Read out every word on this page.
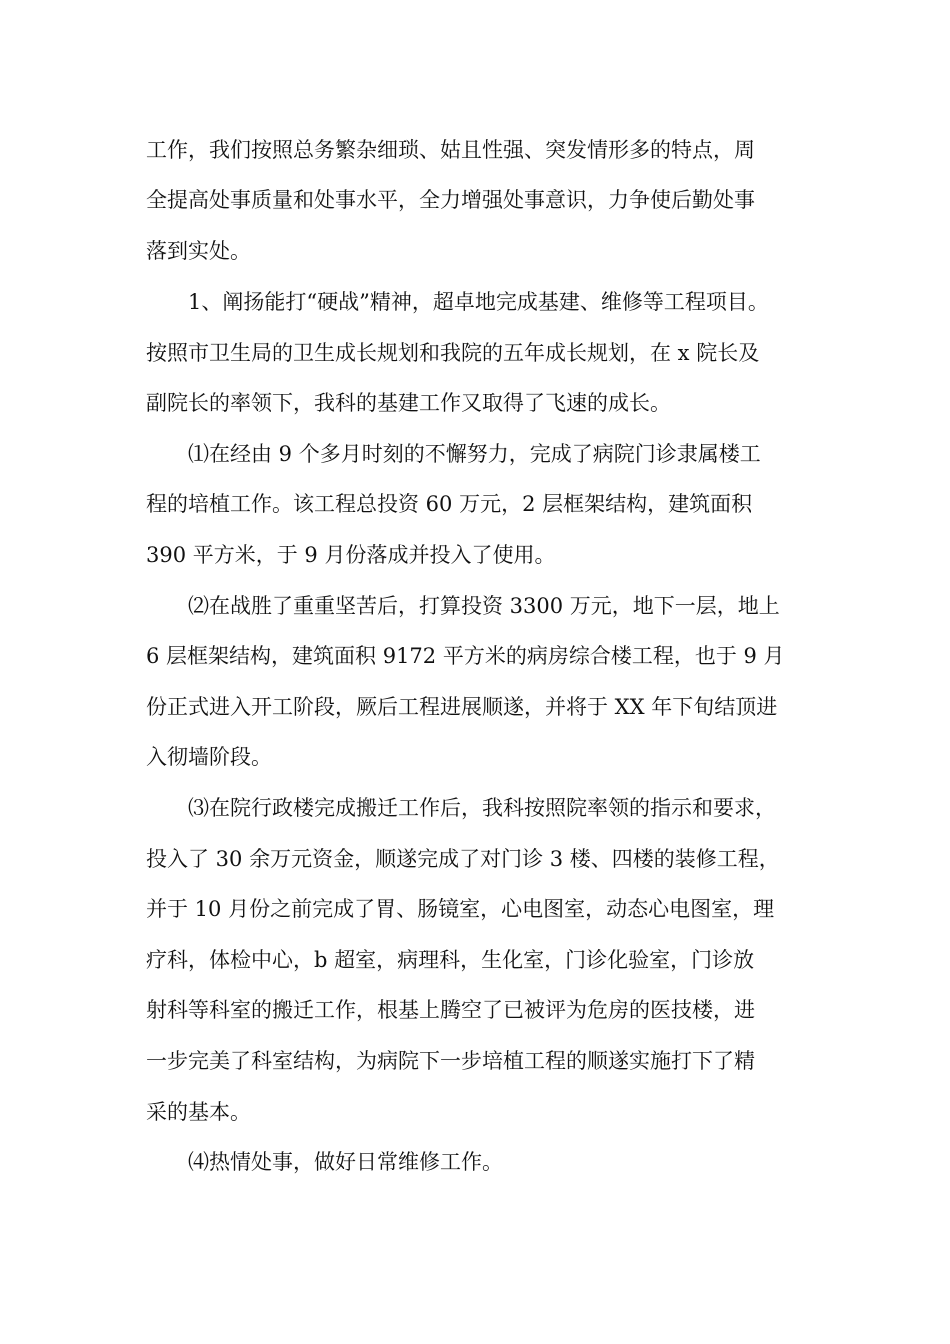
工作，我们按照总务繁杂细琐、姑且性强、突发情形多的特点，周
全提高处事质量和处事水平，全力增强处事意识，力争使后勤处事
落到实处。
1、阐扬能打“硬战”精神，超卓地完成基建、维修等工程项目。
按照市卫生局的卫生成长规划和我院的五年成长规划，在 x 院长及
副院长的率领下，我科的基建工作又取得了飞速的成长。
⑴在经由 9 个多月时刻的不懈努力，完成了病院门诊隶属楼工
程的培植工作。该工程总投资 60 万元，2 层框架结构，建筑面积
390 平方米，于 9 月份落成并投入了使用。
⑵在战胜了重重坚苦后，打算投资 3300 万元，地下一层，地上
6 层框架结构，建筑面积 9172 平方米的病房综合楼工程，也于 9 月
份正式进入开工阶段，厥后工程进展顺遂，并将于 XX 年下旬结顶进
入彻墙阶段。
⑶在院行政楼完成搬迁工作后，我科按照院率领的指示和要求，
投入了 30 余万元资金，顺遂完成了对门诊 3 楼、四楼的装修工程，
并于 10 月份之前完成了胃、肠镜室，心电图室，动态心电图室，理
疗科，体检中心，b 超室，病理科，生化室，门诊化验室，门诊放
射科等科室的搬迁工作，根基上腾空了已被评为危房的医技楼，进
一步完美了科室结构，为病院下一步培植工程的顺遂实施打下了精
采的基本。
⑷热情处事，做好日常维修工作。
